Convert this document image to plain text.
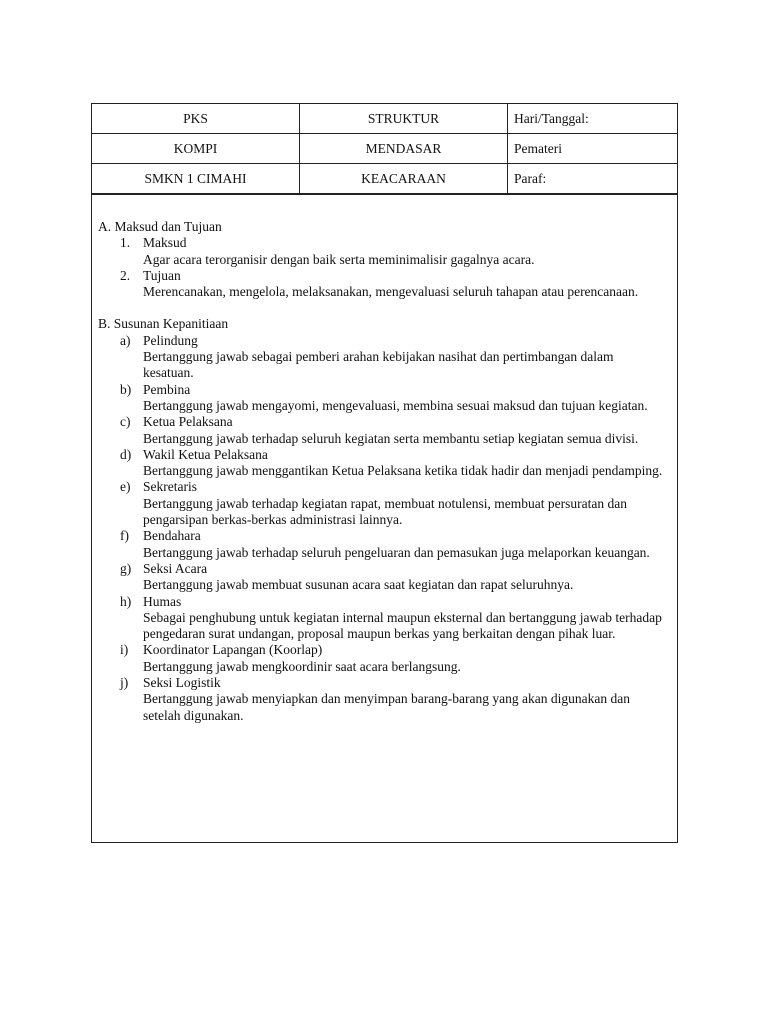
PKS	STRUKTUR	Hari/Tanggal:
KOMPI	MENDASAR	Pemateri
SMKN 1 CIMAHI	KEACARAAN	Paraf:

A. Maksud dan Tujuan

1. Maksud
Agar acara terorganisir dengan baik serta meminimalisir gagalnya acara.
2. Tujuan
Merencanakan, mengelola, melaksanakan, mengevaluasi seluruh tahapan atau perencanaan.

B. Susunan Kepanitiaan

a) Pelindung
Bertanggung jawab sebagai pemberi arahan kebijakan nasihat dan pertimbangan dalam kesatuan.
b) Pembina
Bertanggung jawab mengayomi, mengevaluasi, membina sesuai maksud dan tujuan kegiatan.
c) Ketua Pelaksana
Bertanggung jawab terhadap seluruh kegiatan serta membantu setiap kegiatan semua divisi.
d) Wakil Ketua Pelaksana
Bertanggung jawab menggantikan Ketua Pelaksana ketika tidak hadir dan menjadi pendamping.
e) Sekretaris
Bertanggung jawab terhadap kegiatan rapat, membuat notulensi, membuat persuratan dan pengarsipan berkas-berkas administrasi lainnya.
f)	Bendahara
Bertanggung jawab terhadap seluruh pengeluaran dan pemasukan juga melaporkan keuangan.
g) Seksi Acara
Bertanggung jawab membuat susunan acara saat kegiatan dan rapat seluruhnya.
h) Humas
Sebagai penghubung untuk kegiatan internal maupun eksternal dan bertanggung jawab terhadap pengedaran surat undangan, proposal maupun berkas yang berkaitan dengan pihak luar.
i)	Koordinator Lapangan (Koorlap)
Bertanggung jawab mengkoordinir saat acara berlangsung.
j)	Seksi Logistik
Bertanggung jawab menyiapkan dan menyimpan barang-barang yang akan digunakan dan setelah digunakan.
